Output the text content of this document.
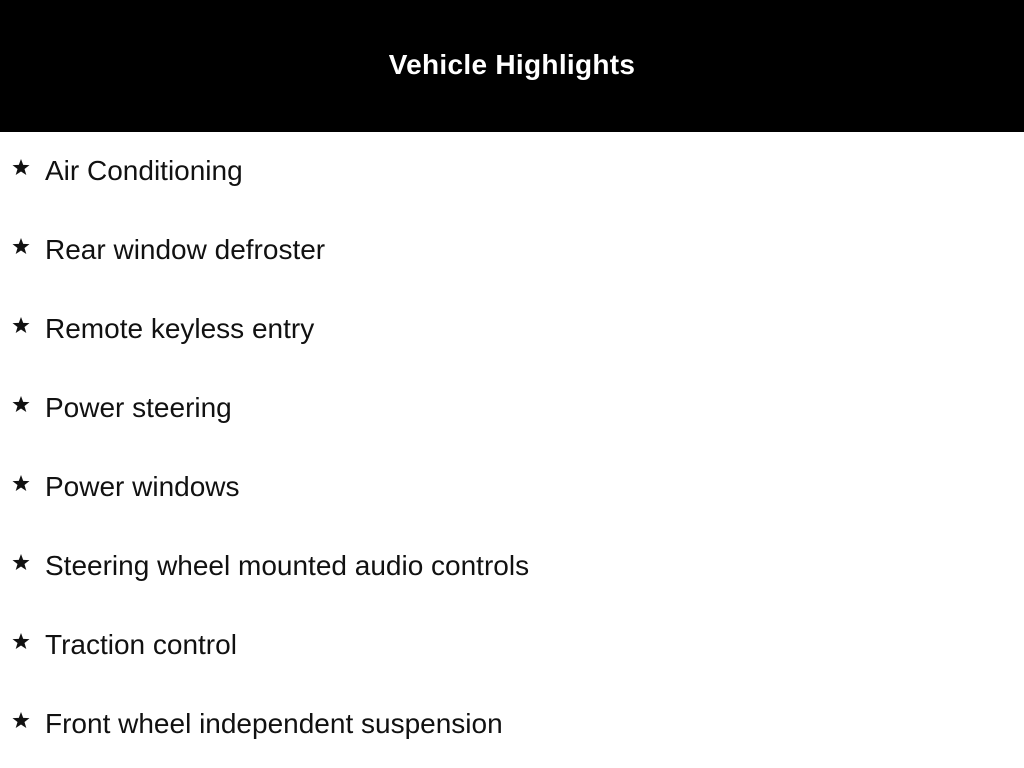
Vehicle Highlights
Air Conditioning
Rear window defroster
Remote keyless entry
Power steering
Power windows
Steering wheel mounted audio controls
Traction control
Front wheel independent suspension
